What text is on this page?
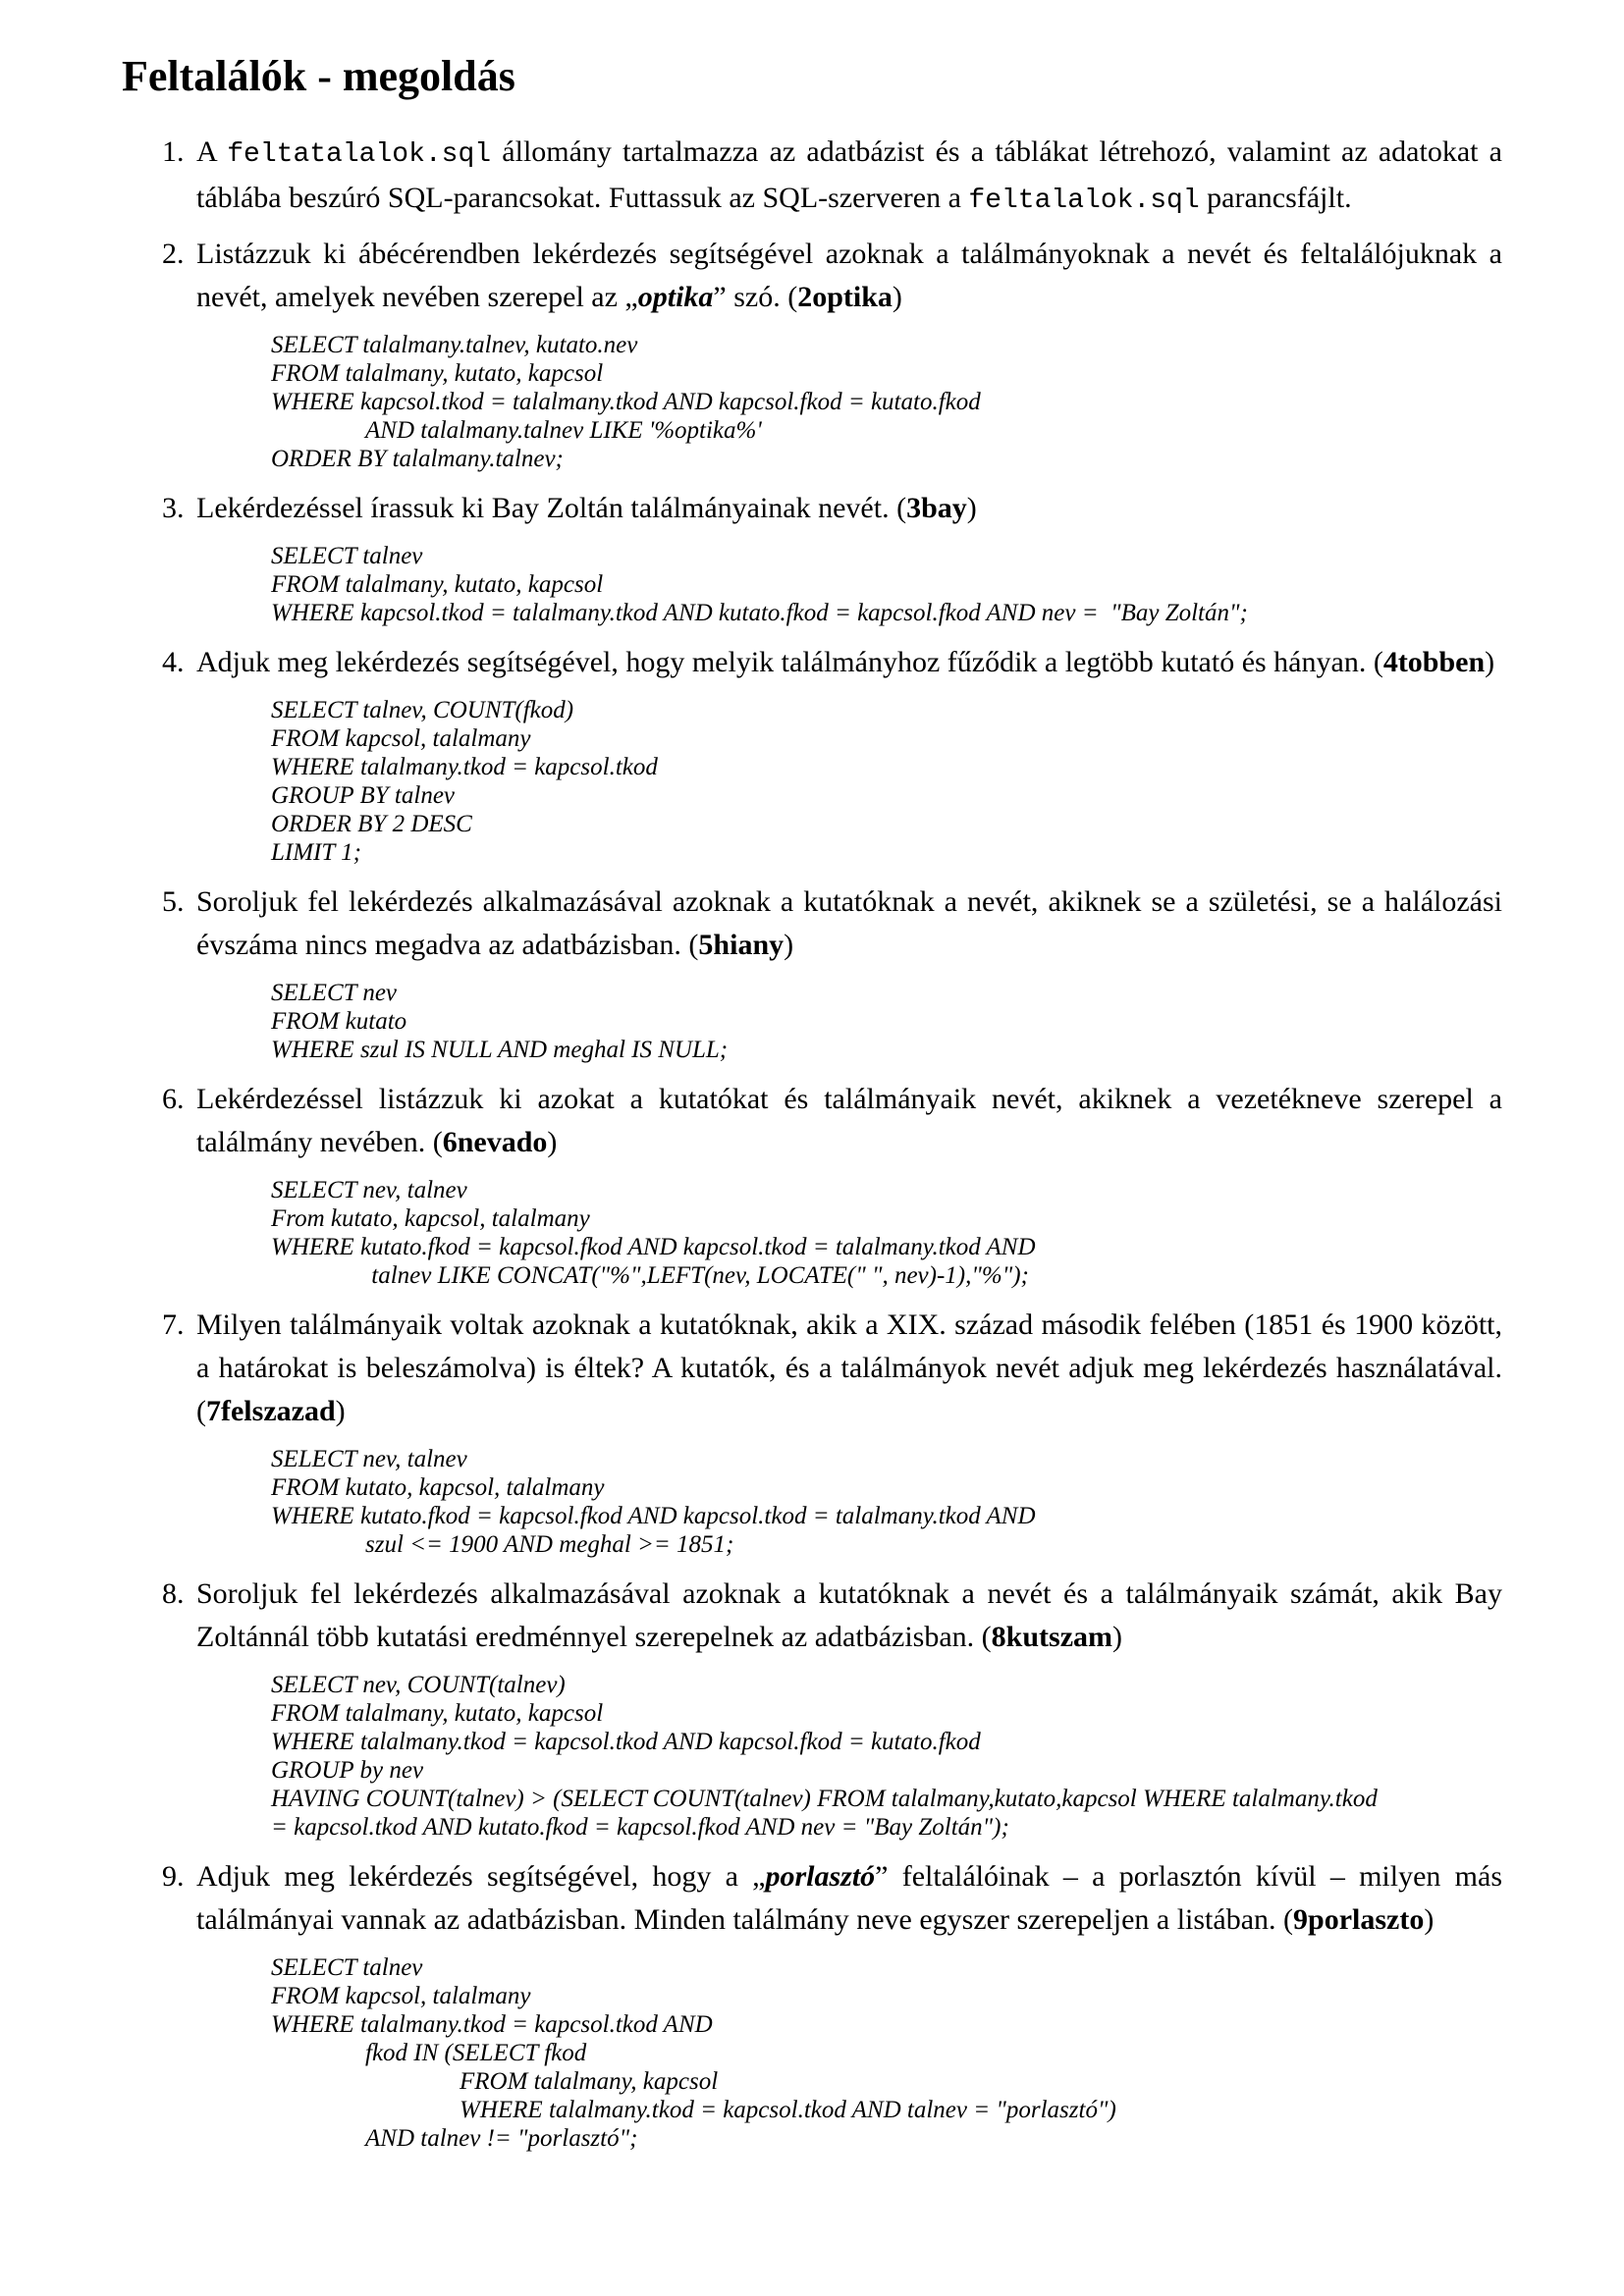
Feltalálók - megoldás
1. A feltatalalok.sql állomány tartalmazza az adatbázist és a táblákat létrehozó, valamint az adatokat a táblába beszúró SQL-parancsokat. Futtassuk az SQL-szerveren a feltalalok.sql parancsfájlt.
2. Listázzuk ki ábécérendben lekérdezés segítségével azoknak a találmányoknak a nevét és feltalálójuknak a nevét, amelyek nevében szerepel az „optika” szó. (2optika)
SELECT talalmany.talnev, kutato.nev
FROM talalmany, kutato, kapcsol
WHERE kapcsol.tkod = talalmany.tkod AND kapcsol.fkod = kutato.fkod
AND talalmany.talnev LIKE '%optika%'
ORDER BY talalmany.talnev;
3. Lekérdezéssel írassuk ki Bay Zoltán találmányainak nevét. (3bay)
SELECT talnev
FROM talalmany, kutato, kapcsol
WHERE kapcsol.tkod = talalmany.tkod AND kutato.fkod = kapcsol.fkod AND nev =  "Bay Zoltán";
4. Adjuk meg lekérdezés segítségével, hogy melyik találmányhoz fűződik a legtöbb kutató és hányan. (4tobben)
SELECT talnev, COUNT(fkod)
FROM kapcsol, talalmany
WHERE talalmany.tkod = kapcsol.tkod
GROUP BY talnev
ORDER BY 2 DESC
LIMIT 1;
5. Soroljuk fel lekérdezés alkalmazásával azoknak a kutatóknak a nevét, akiknek se a születési, se a halálozási évszáma nincs megadva az adatbázisban. (5hiany)
SELECT nev
FROM kutato
WHERE szul IS NULL AND meghal IS NULL;
6. Lekérdezéssel listázzuk ki azokat a kutatókat és találmányaik nevét, akiknek a vezetékneve szerepel a találmány nevében. (6nevado)
SELECT nev, talnev
From kutato, kapcsol, talalmany
WHERE kutato.fkod = kapcsol.fkod AND kapcsol.tkod = talalmany.tkod AND
talnev LIKE CONCAT("%",LEFT(nev, LOCATE(" ", nev)-1),"%");
7. Milyen találmányaik voltak azoknak a kutatóknak, akik a XIX. század második felében (1851 és 1900 között, a határokat is beleszámolva) is éltek? A kutatók, és a találmányok nevét adjuk meg lekérdezés használatával. (7felszazad)
SELECT nev, talnev
FROM kutato, kapcsol, talalmany
WHERE kutato.fkod = kapcsol.fkod AND kapcsol.tkod = talalmany.tkod AND
szul <= 1900 AND meghal >= 1851;
8. Soroljuk fel lekérdezés alkalmazásával azoknak a kutatóknak a nevét és a találmányaik számát, akik Bay Zoltánnál több kutatási eredménnyel szerepelnek az adatbázisban. (8kutszam)
SELECT nev, COUNT(talnev)
FROM talalmany, kutato, kapcsol
WHERE talalmany.tkod = kapcsol.tkod AND kapcsol.fkod = kutato.fkod
GROUP by nev
HAVING COUNT(talnev) > (SELECT COUNT(talnev) FROM talalmany,kutato,kapcsol WHERE talalmany.tkod
= kapcsol.tkod AND kutato.fkod = kapcsol.fkod AND nev = "Bay Zoltán");
9. Adjuk meg lekérdezés segítségével, hogy a „porlasztó” feltalálóinak – a porlasztón kívül – milyen más találmányai vannak az adatbázisban. Minden találmány neve egyszer szerepeljen a listában. (9porlaszto)
SELECT talnev
FROM kapcsol, talalmany
WHERE talalmany.tkod = kapcsol.tkod AND
fkod IN (SELECT fkod
FROM talalmany, kapcsol
WHERE talalmany.tkod = kapcsol.tkod AND talnev = "porlasztó")
AND talnev != "porlasztó";
